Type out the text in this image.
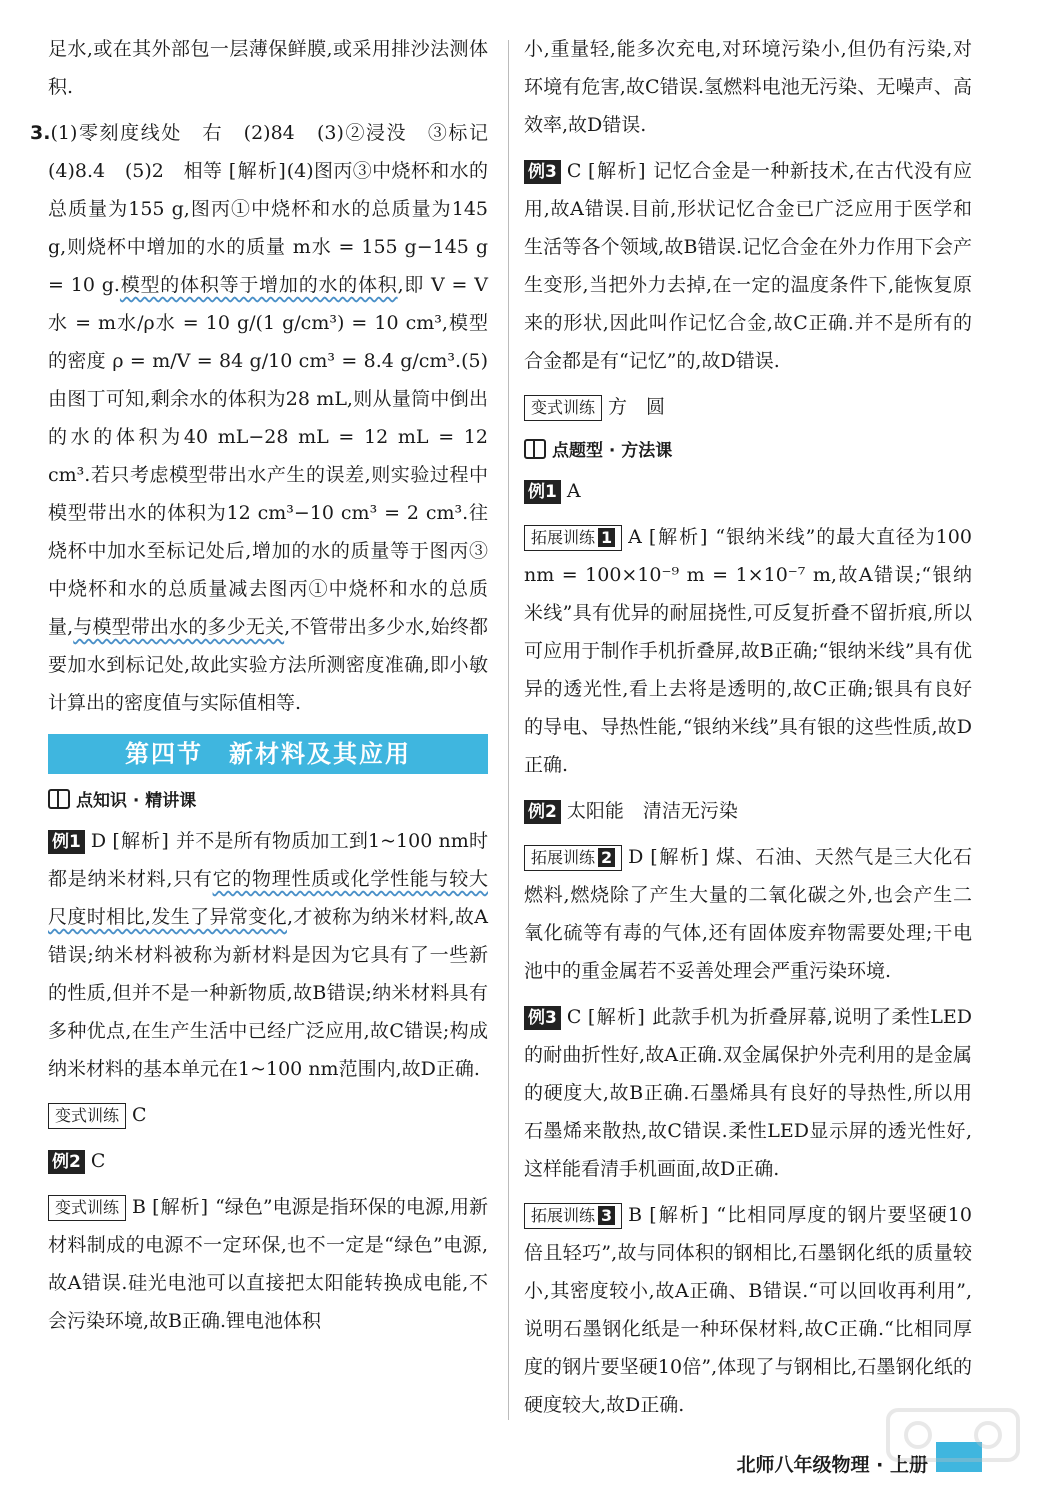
足水,或在其外部包一层薄保鲜膜,或采用排沙法测体积.

3.(1)零刻度线处　右　(2)84　(3)②浸没　③标记　(4)8.4　(5)2　相等 [解析](4)图丙③中烧杯和水的总质量为155 g,图丙①中烧杯和水的总质量为145 g,则烧杯中增加的水的质量 m水 = 155 g−145 g = 10 g.模型的体积等于增加的水的体积,即 V = V水 = m水/ρ水 = 10 g/(1 g/cm³) = 10 cm³,模型的密度 ρ = m/V = 84 g/10 cm³ = 8.4 g/cm³.(5)由图丁可知,剩余水的体积为28 mL,则从量筒中倒出的水的体积为40 mL−28 mL = 12 mL = 12 cm³.若只考虑模型带出水产生的误差,则实验过程中模型带出水的体积为12 cm³−10 cm³ = 2 cm³.往烧杯中加水至标记处后,增加的水的质量等于图丙③中烧杯和水的总质量减去图丙①中烧杯和水的总质量,与模型带出水的多少无关,不管带出多少水,始终都要加水到标记处,故此实验方法所测密度准确,即小敏计算出的密度值与实际值相等.

第四节　新材料及其应用
点知识 · 精讲课

例1 D [解析] 并不是所有物质加工到1~100 nm时都是纳米材料,只有它的物理性质或化学性能与较大尺度时相比,发生了异常变化,才被称为纳米材料,故A错误;纳米材料被称为新材料是因为它具有了一些新的性质,但并不是一种新物质,故B错误;纳米材料具有多种优点,在生产生活中已经广泛应用,故C错误;构成纳米材料的基本单元在1~100 nm范围内,故D正确.

变式训练 C

例2 C

变式训练 B [解析] “绿色”电源是指环保的电源,用新材料制成的电源不一定环保,也不一定是“绿色”电源,故A错误.硅光电池可以直接把太阳能转换成电能,不会污染环境,故B正确.锂电池体积

小,重量轻,能多次充电,对环境污染小,但仍有污染,对环境有危害,故C错误.氢燃料电池无污染、无噪声、高效率,故D错误.

例3 C [解析] 记忆合金是一种新技术,在古代没有应用,故A错误.目前,形状记忆合金已广泛应用于医学和生活等各个领域,故B错误.记忆合金在外力作用下会产生变形,当把外力去掉,在一定的温度条件下,能恢复原来的形状,因此叫作记忆合金,故C正确.并不是所有的合金都是有“记忆”的,故D错误.

变式训练 方　圆

点题型 · 方法课

例1 A

拓展训练 1 A [解析] “银纳米线”的最大直径为100 nm = 100×10⁻⁹ m = 1×10⁻⁷ m,故A错误;“银纳米线”具有优异的耐屈挠性,可反复折叠不留折痕,所以可应用于制作手机折叠屏,故B正确;“银纳米线”具有优异的透光性,看上去将是透明的,故C正确;银具有良好的导电、导热性能,“银纳米线”具有银的这些性质,故D正确.

例2 太阳能　清洁无污染

拓展训练 2 D [解析] 煤、石油、天然气是三大化石燃料,燃烧除了产生大量的二氧化碳之外,也会产生二氧化硫等有毒的气体,还有固体废弃物需要处理;干电池中的重金属若不妥善处理会严重污染环境.

例3 C [解析] 此款手机为折叠屏幕,说明了柔性LED的耐曲折性好,故A正确.双金属保护外壳利用的是金属的硬度大,故B正确.石墨烯具有良好的导热性,所以用石墨烯来散热,故C错误.柔性LED显示屏的透光性好,这样能看清手机画面,故D正确.

拓展训练 3 B [解析] “比相同厚度的钢片要坚硬10倍且轻巧”,故与同体积的钢相比,石墨钢化纸的质量较小,其密度较小,故A正确、B错误.“可以回收再利用”,说明石墨钢化纸是一种环保材料,故C正确.“比相同厚度的钢片要坚硬10倍”,体现了与钢相比,石墨钢化纸的硬度较大,故D正确.

北师八年级物理 · 上册
